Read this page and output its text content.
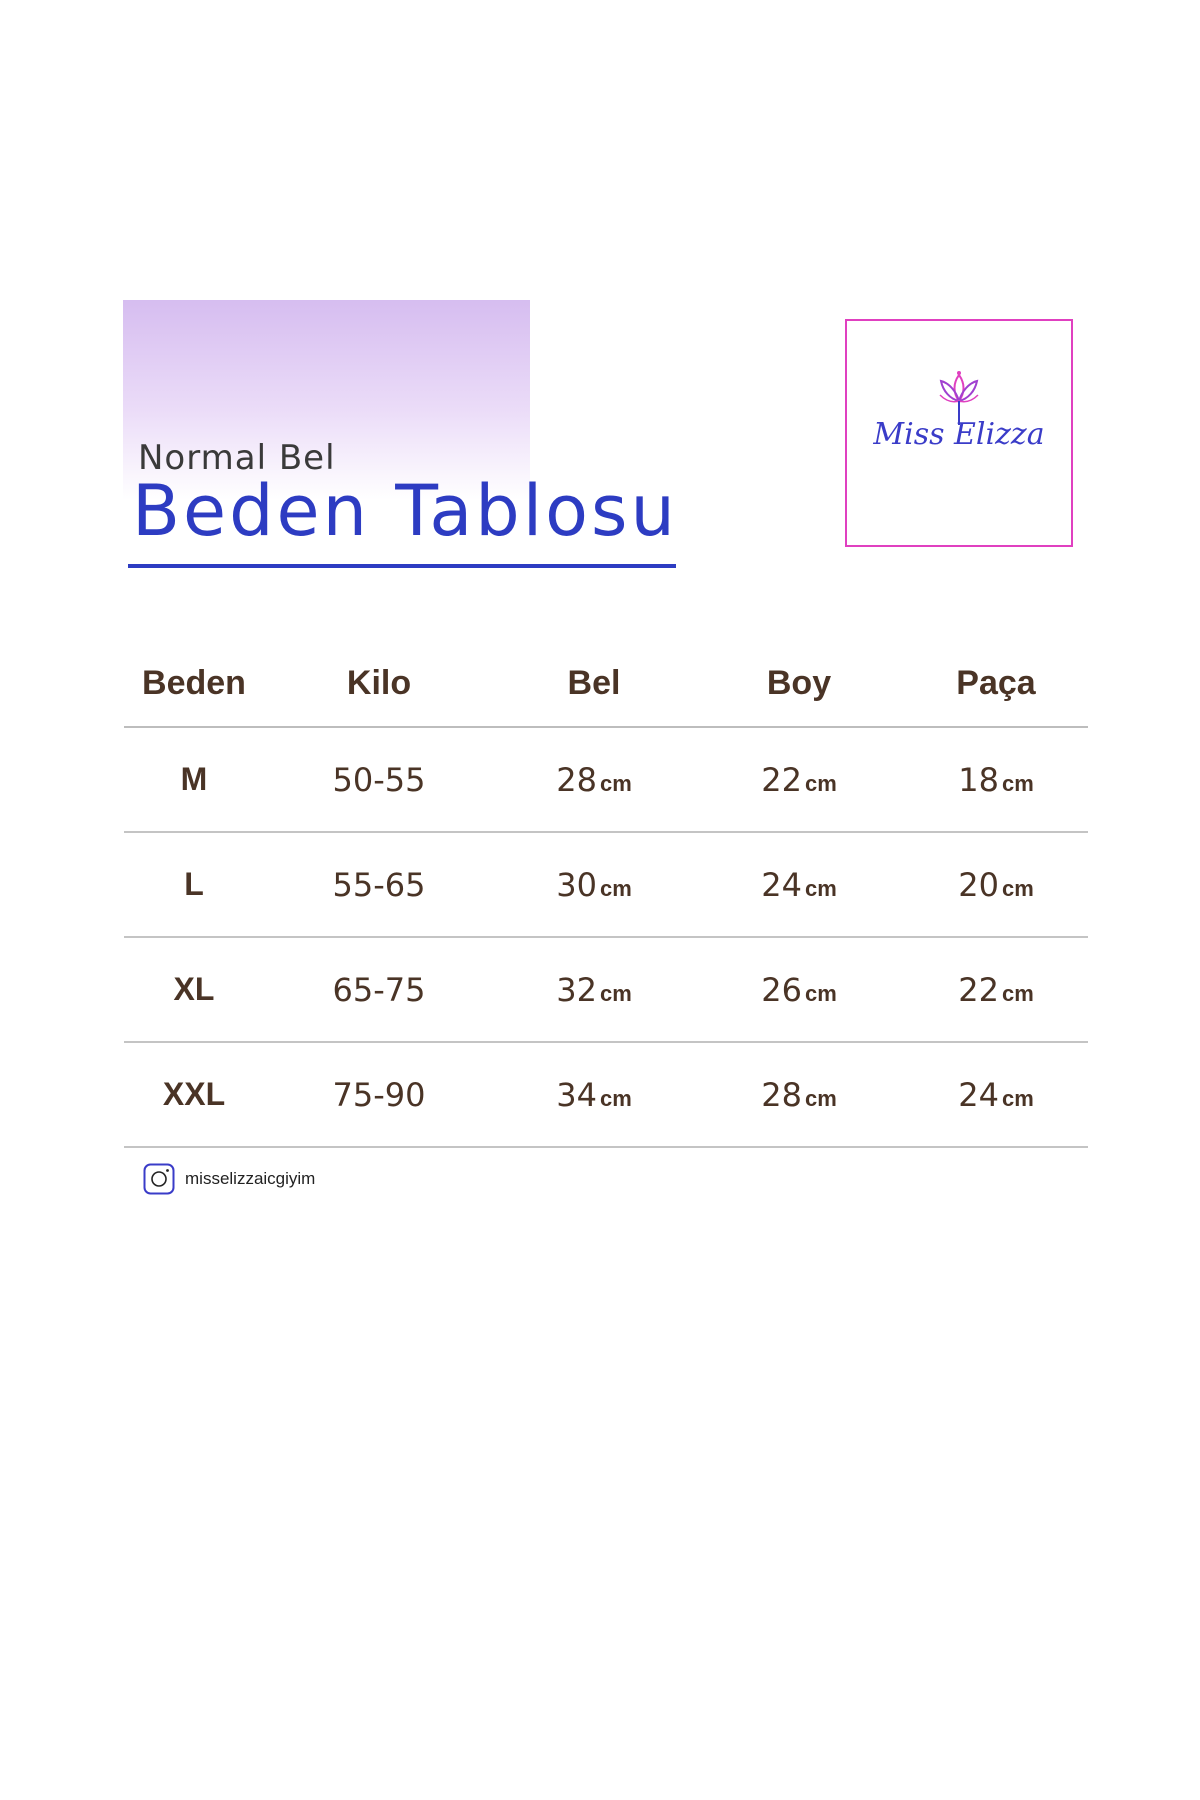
Normal Bel
Beden Tablosu
Miss Elizza
Beden	Kilo	Bel	Boy	Paça
M	50-55	28 cm	22 cm	18 cm
L	55-65	30 cm	24 cm	20 cm
XL	65-75	32 cm	26 cm	22 cm
XXL	75-90	34 cm	28 cm	24 cm
misselizzaicgiyim
